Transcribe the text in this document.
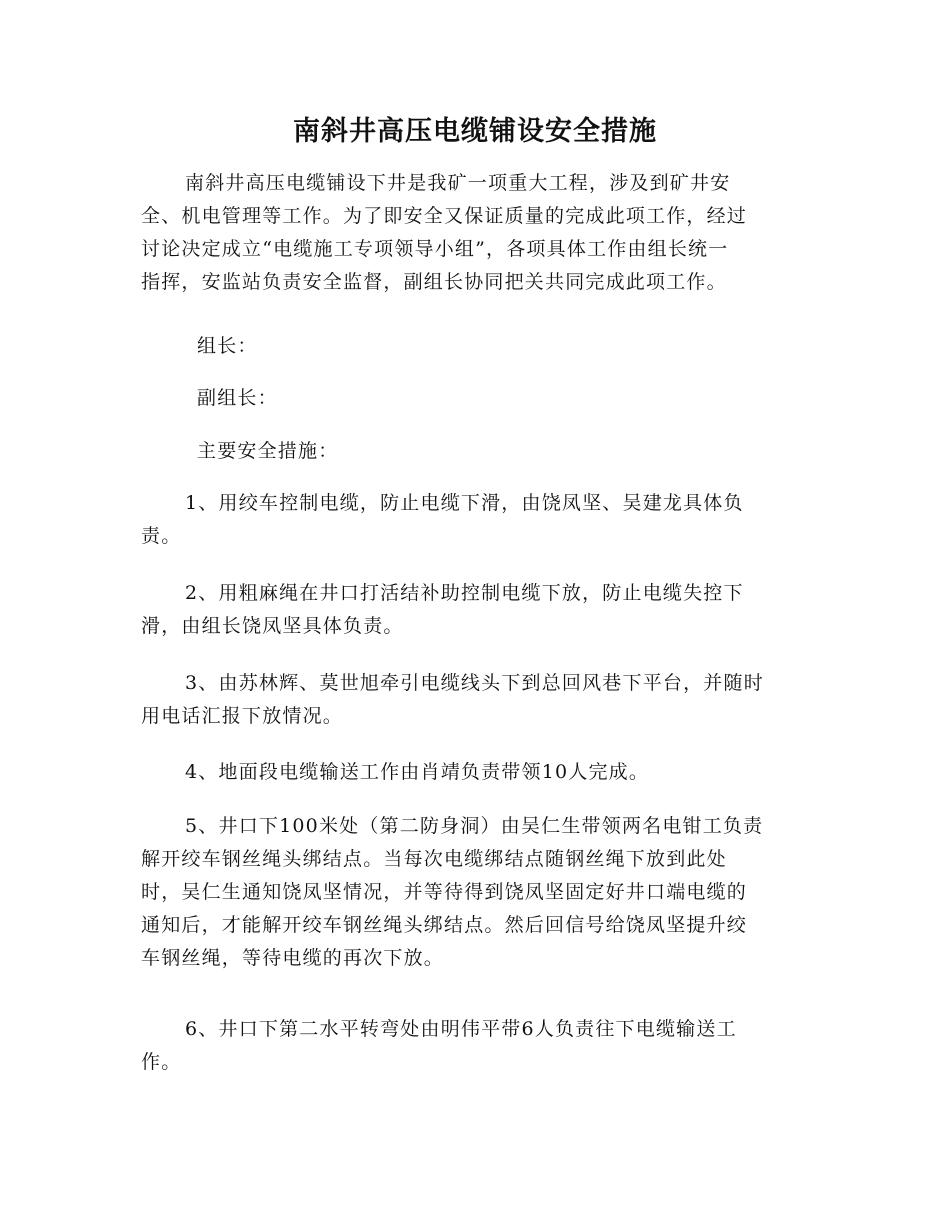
南斜井高压电缆铺设安全措施
南斜井高压电缆铺设下井是我矿一项重大工程，涉及到矿井安
全、机电管理等工作。为了即安全又保证质量的完成此项工作，经过
讨论决定成立“电缆施工专项领导小组”，各项具体工作由组长统一
指挥，安监站负责安全监督，副组长协同把关共同完成此项工作。
组长：
副组长：
主要安全措施：
1、用绞车控制电缆，防止电缆下滑，由饶凤坚、吴建龙具体负
责。
2、用粗麻绳在井口打活结补助控制电缆下放，防止电缆失控下
滑，由组长饶凤坚具体负责。
3、由苏林辉、莫世旭牵引电缆线头下到总回风巷下平台，并随时
用电话汇报下放情况。
4、地面段电缆输送工作由肖靖负责带领10人完成。
5、井口下100米处（第二防身洞）由吴仁生带领两名电钳工负责
解开绞车钢丝绳头绑结点。当每次电缆绑结点随钢丝绳下放到此处
时，吴仁生通知饶凤坚情况，并等待得到饶凤坚固定好井口端电缆的
通知后，才能解开绞车钢丝绳头绑结点。然后回信号给饶凤坚提升绞
车钢丝绳，等待电缆的再次下放。
6、井口下第二水平转弯处由明伟平带6人负责往下电缆输送工
作。
